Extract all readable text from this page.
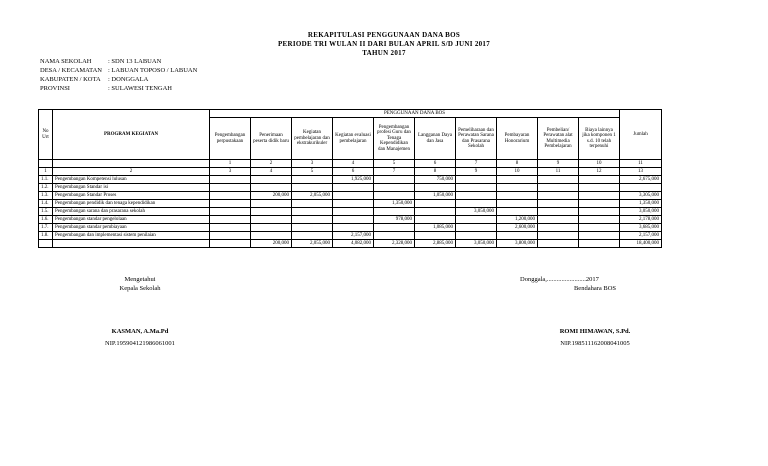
REKAPITULASI PENGGUNAAN DANA BOS
PERIODE TRI WULAN II DARI BULAN APRIL S/D JUNI 2017
TAHUN 2017
NAMA SEKOLAH	: SDN 13 LABUAN
DESA / KECAMATAN : LABUAN TOPOSO / LABUAN
KABUPATEN / KOTA : DONGGALA
PROVINSI	: SULAWESI TENGAH
No
Urt	PROGRAM KEGIATAN	PENGGUNAAN DANA BOS										Jumlah
		Pengembangan perpustakaan	Penerimaan peserta didik baru	Kegiatan pembelajaran dan ekstrakurikuler	Kegiatan evaluasi pembelajaran	Pengembangan profesi Guru dan Tenaga Kependidikan dan Manajemen	Langganan Daya dan Jasa	Pemeliharaan dan Perawatan Sarana dan Prasarana Sekolah	Pembayaran Honorarium	Pembelian/ Perawatan alat Multimedia Pembelajaran	Biaya lainnya jika komponen 1 s.d. 10 telah terpenuhi	
		1	2	3	4	5	6	7	8	9	10	11
1	2	3	4	5	6	7	8	9	10	11	12	13
1.1.	Pengembangan Kompetensi lulusan				1,925,000		750,000					2,675,000
1.2.	Pengembangan Standar isi											
1.3.	Pengembangan Standar Proses		200,000	2,055,000			1,050,000					3,305,000
1.4.	Pengembangan pendidik dan tenaga kependidikan					1,350,000						1,350,000
1.5.	Pengembangan sarana dan prasarana sekolah							3,050,000				3,050,000
1.6.	Pengembangan standar pengelolaan					978,000			1,200,000			2,178,000
1.7.	Pengembangan standar pembiayaan						1,085,000		2,600,000			3,685,000
1.8.	Pengembangan dan implementasi sistem penilaian				2,157,000							2,157,000
			200,000	2,055,000	4,082,000	2,328,000	2,885,000	3,050,000	3,800,000			18,400,000
Mengetahui
Kepala Sekolah
KASMAN, A.Ma.Pd
NIP.195904121986061001
Donggala,........................2017
Bendahara BOS
ROMI HIMAWAN, S.Pd.
NIP.198511162008041005
